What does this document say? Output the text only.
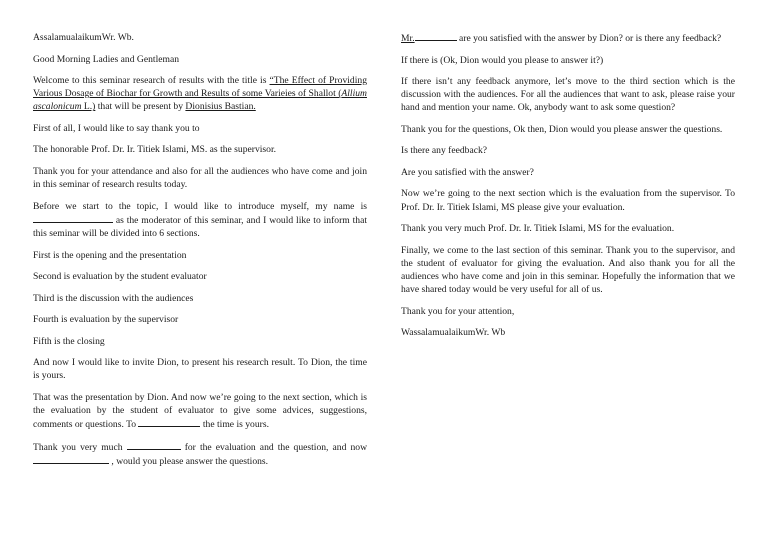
AssalamualaikumWr. Wb.

Good Morning Ladies and Gentleman

Welcome to this seminar research of results with the title is “The Effect of Providing Various Dosage of Biochar for Growth and Results of some Varieies of Shallot (Allium ascalonicum L.) that will be present by Dionisius Bastian.

First of all, I would like to say thank you to

The honorable Prof. Dr. Ir. Titiek Islami, MS. as the supervisor.

Thank you for your attendance and also for all the audiences who have come and join in this seminar of research results today.

Before we start to the topic, I would like to introduce myself, my name is  as the moderator of this seminar, and I would like to inform that this seminar will be divided into 6 sections.

First is the opening and the presentation

Second is evaluation by the student evaluator

Third is the discussion with the audiences

Fourth is evaluation by the supervisor

Fifth is the closing

And now I would like to invite Dion, to present his research result. To Dion, the time is yours.

That was the presentation by Dion. And now we’re going to the next section, which is the evaluation by the student of evaluator to give some advices, suggestions, comments or questions. To	the time is yours.

Thank you very much	for the evaluation and the question, and now  , would you please answer the questions.

Mr.	are you satisfied with the answer by Dion? or is there any feedback?

If there is (Ok, Dion would you please to answer it?)

If there isn’t any feedback anymore, let’s move to the third section which is the discussion with the audiences. For all the audiences that want to ask, please raise your hand and mention your name. Ok, anybody want to ask some question?

Thank you for the questions, Ok then, Dion would you please answer the questions.

Is there any feedback?

Are you satisfied with the answer?

Now we’re going to the next section which is the evaluation from the supervisor. To Prof. Dr. Ir. Titiek Islami, MS please give your evaluation.

Thank you very much Prof. Dr. Ir. Titiek Islami, MS for the evaluation.

Finally, we come to the last section of this seminar. Thank you to the supervisor, and the student of evaluator for giving the evaluation. And also thank you for all the audiences who have come and join in this seminar. Hopefully the information that we have shared today would be very useful for all of us.

Thank you for your attention,

WassalamualaikumWr. Wb
